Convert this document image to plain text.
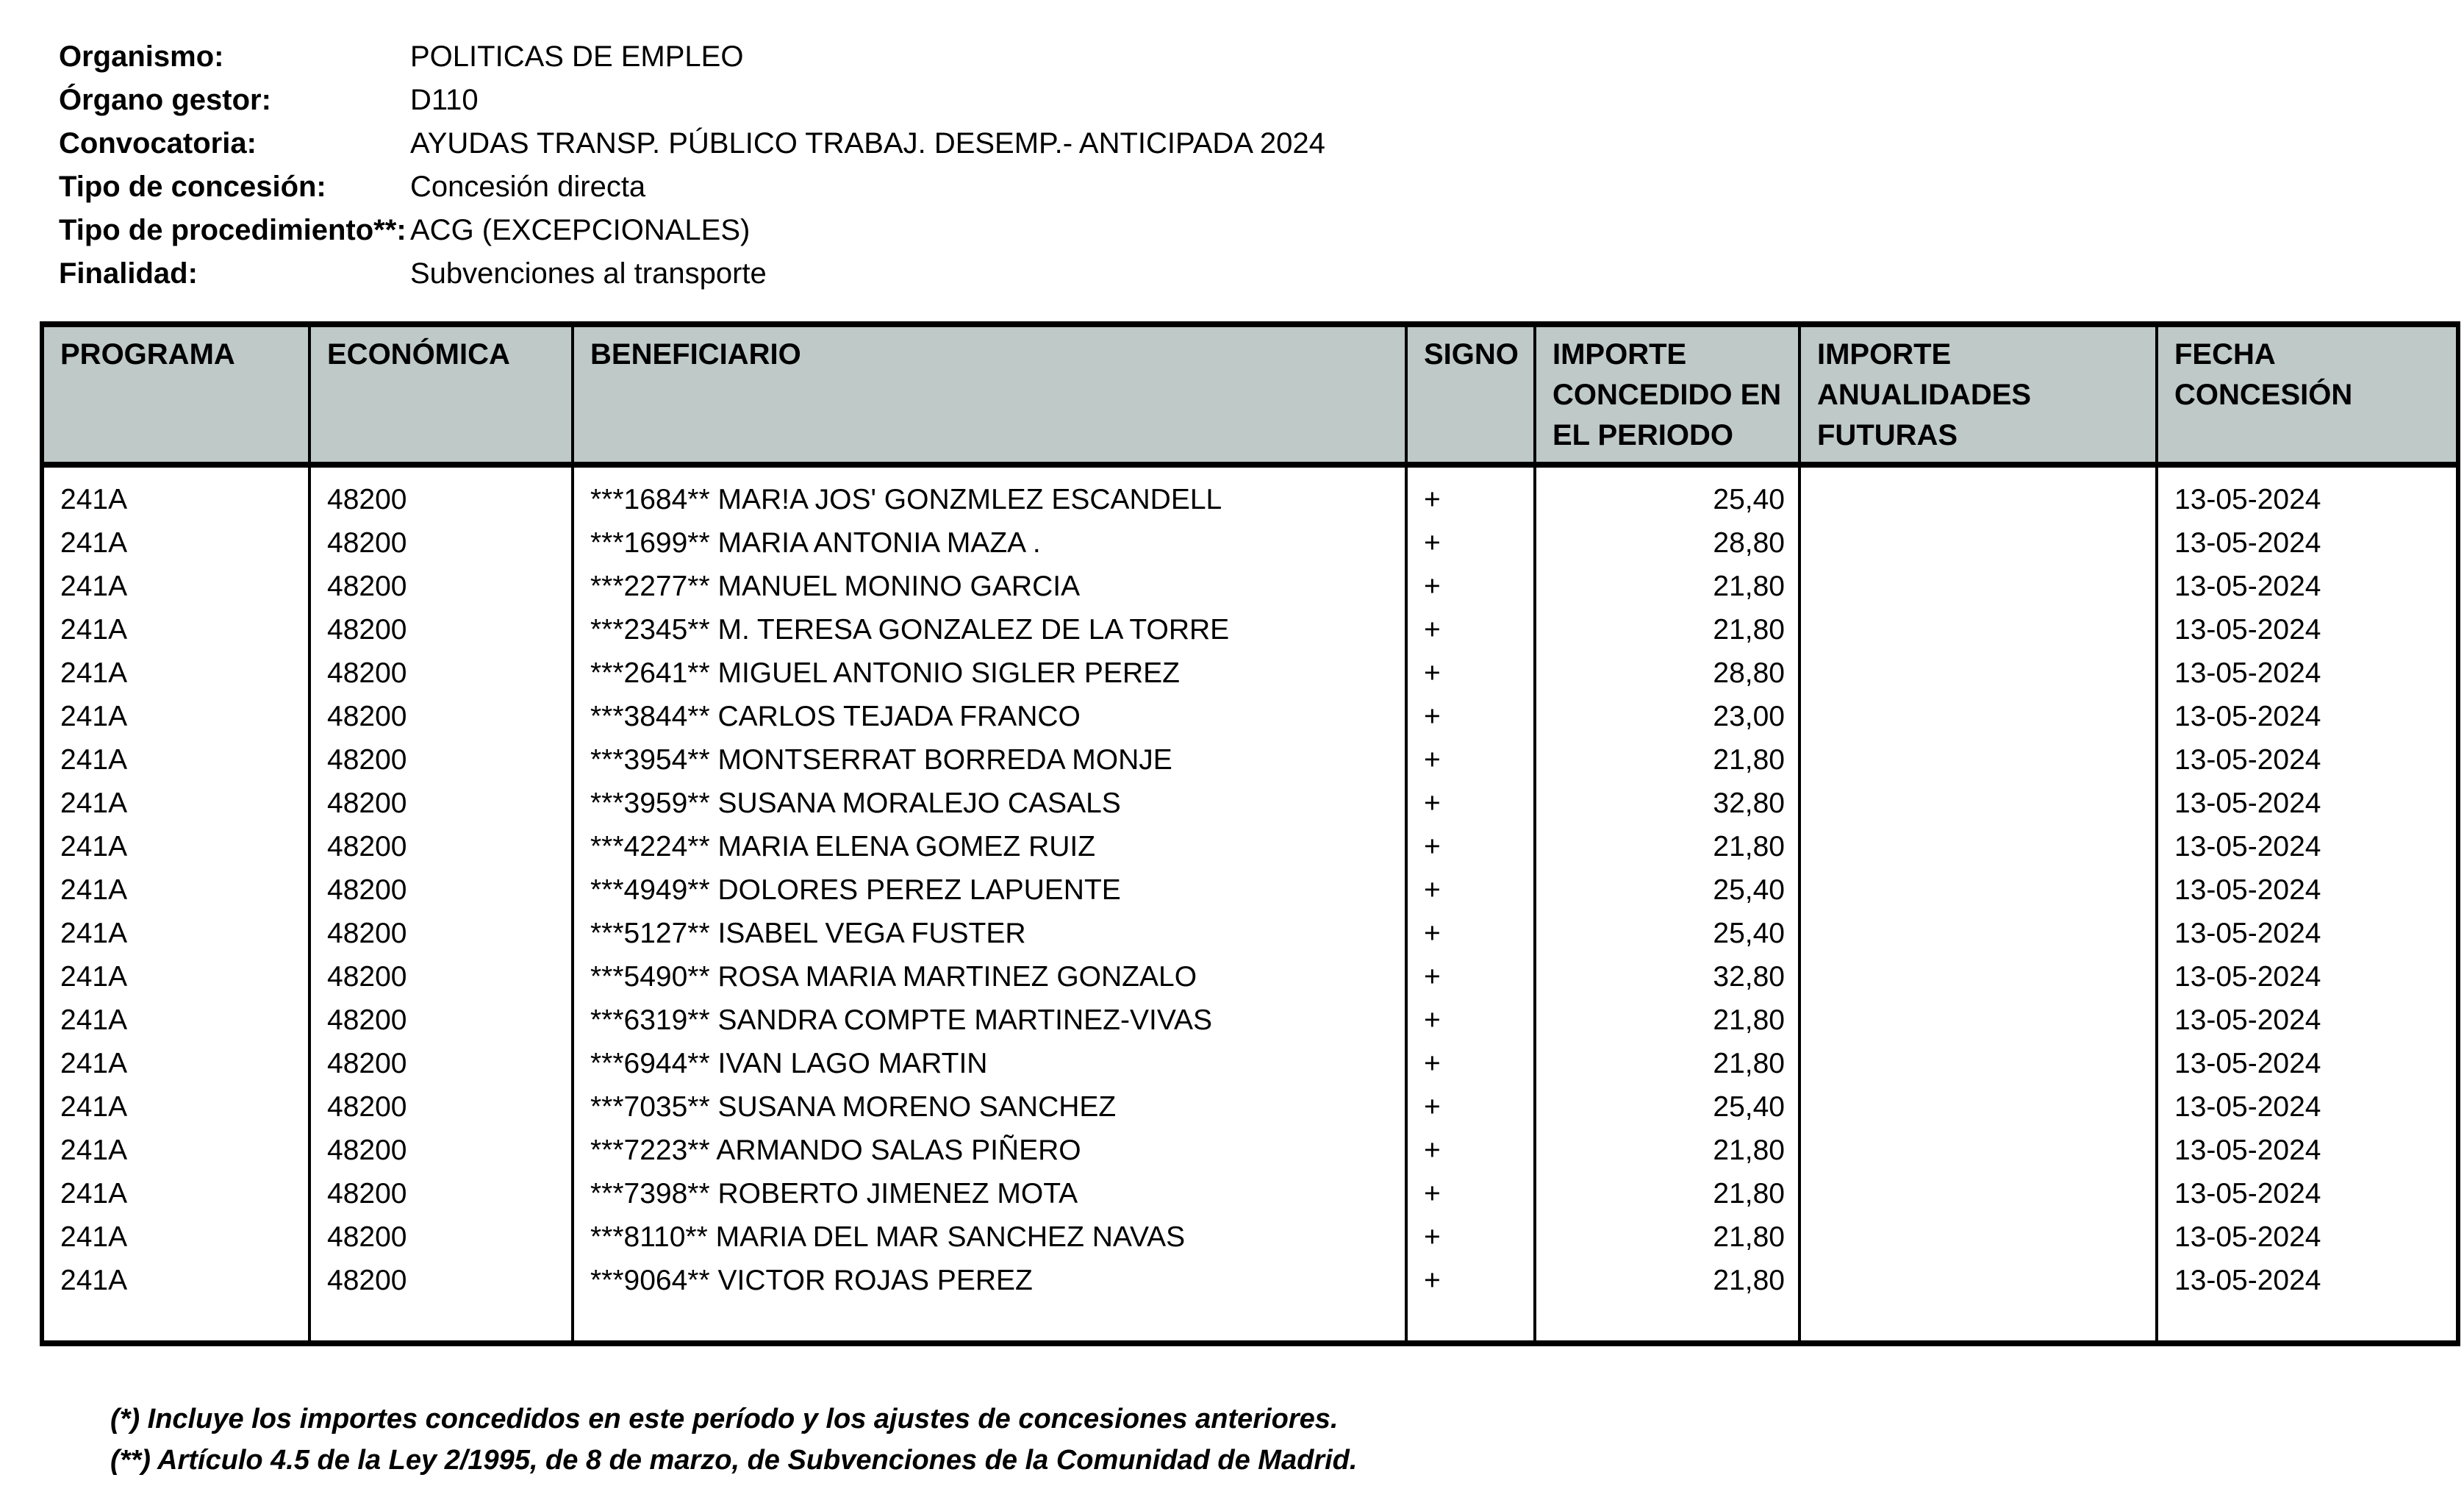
Organismo:	POLITICAS DE EMPLEO
Órgano gestor:	D110
Convocatoria:	AYUDAS TRANSP. PÚBLICO TRABAJ. DESEMP.- ANTICIPADA 2024
Tipo de concesión:	Concesión directa
Tipo de procedimiento**: ACG (EXCEPCIONALES)
Finalidad:	Subvenciones al transporte
PROGRAMA	ECONÓMICA	BENEFICIARIO	SIGNO	IMPORTE CONCEDIDO EN EL PERIODO	IMPORTE ANUALIDADES FUTURAS	FECHA CONCESIÓN
241A	48200	***1684** MAR!A JOS' GONZMLEZ ESCANDELL	+	25,40		13-05-2024
241A	48200	***1699** MARIA ANTONIA MAZA .	+	28,80		13-05-2024
241A	48200	***2277** MANUEL MONINO GARCIA	+	21,80		13-05-2024
241A	48200	***2345** M. TERESA GONZALEZ DE LA TORRE	+	21,80		13-05-2024
241A	48200	***2641** MIGUEL ANTONIO SIGLER PEREZ	+	28,80		13-05-2024
241A	48200	***3844** CARLOS TEJADA FRANCO	+	23,00		13-05-2024
241A	48200	***3954** MONTSERRAT BORREDA MONJE	+	21,80		13-05-2024
241A	48200	***3959** SUSANA MORALEJO CASALS	+	32,80		13-05-2024
241A	48200	***4224** MARIA ELENA GOMEZ RUIZ	+	21,80		13-05-2024
241A	48200	***4949** DOLORES PEREZ LAPUENTE	+	25,40		13-05-2024
241A	48200	***5127** ISABEL VEGA FUSTER	+	25,40		13-05-2024
241A	48200	***5490** ROSA MARIA MARTINEZ GONZALO	+	32,80		13-05-2024
241A	48200	***6319** SANDRA COMPTE MARTINEZ-VIVAS	+	21,80		13-05-2024
241A	48200	***6944** IVAN LAGO MARTIN	+	21,80		13-05-2024
241A	48200	***7035** SUSANA MORENO SANCHEZ	+	25,40		13-05-2024
241A	48200	***7223** ARMANDO SALAS PIÑERO	+	21,80		13-05-2024
241A	48200	***7398** ROBERTO JIMENEZ MOTA	+	21,80		13-05-2024
241A	48200	***8110** MARIA DEL MAR SANCHEZ NAVAS	+	21,80		13-05-2024
241A	48200	***9064** VICTOR ROJAS PEREZ	+	21,80		13-05-2024

(*) Incluye los importes concedidos en este período y los ajustes de concesiones anteriores.
(**) Artículo 4.5 de la Ley 2/1995, de 8 de marzo, de Subvenciones de la Comunidad de Madrid.
